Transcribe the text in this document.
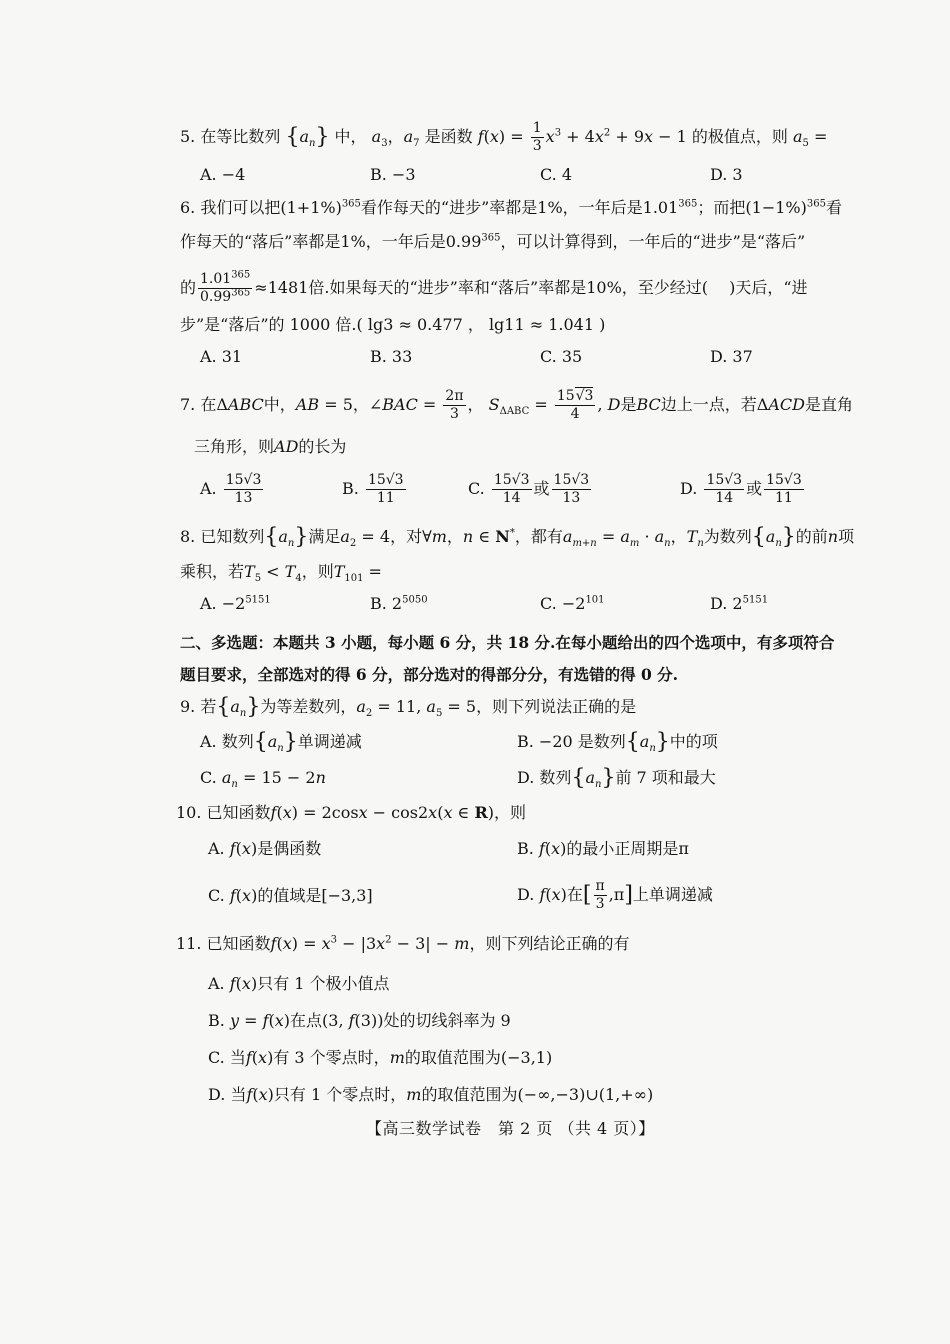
5. 在等比数列 $\{a_n\}$ 中， $a_3$，$a_7$ 是函数 $f(x) = \frac{1}{3} x^3 + 4x^2 + 9x - 1$ 的极值点，则 $a_5$ =
A. −4	B. −3	C. 4	D. 3
6. 我们可以把$(1+1\%)^{365}$看作每天的“进步”率都是1%，一年后是1.01$^{365}$；而把$(1-1\%)^{365}$看
作每天的“落后”率都是1%，一年后是0.99$^{365}$，可以计算得到，一年后的“进步”是“落后”
的 $\frac{1.01^{365}}{0.99^{365}} \approx 1481$倍.如果每天的“进步”率和“落后”率都是10%，至少经过(　 )天后，“进
步”是“落后”的 1000 倍.( lg3 ≈ 0.477 ， lg11 ≈ 1.041 )
A. 31	B. 33	C. 35	D. 37
7. 在ΔABC中，AB = 5，∠BAC = $\frac{2\pi}{3}$ ， $S_{\Delta ABC} = \frac{15√3}{4}$ , D是BC边上一点，若ΔACD是直角
三角形，则AD的长为
A. $\frac{15√3}{13}$	B. $\frac{15√3}{11}$	C. $\frac{15√3}{14}$ 或 $\frac{15√3}{13}$	D. $\frac{15√3}{14}$ 或 $\frac{15√3}{11}$
8. 已知数列$\{a_n\}$满足$a_2 = 4$，对∀m，n ∈ N*，都有$a_{m+n} = a_m \cdot a_n$，$T_n$为数列$\{a_n\}$的前n项
乘积，若$T_5 < T_4$，则$T_{101}$ =
A. $-2^{5151}$	B. $2^{5050}$	C. $-2^{101}$	D. $2^{5151}$
二、多选题：本题共 3 小题，每小题 6 分，共 18 分.在每小题给出的四个选项中，有多项符合
题目要求，全部选对的得 6 分，部分选对的得部分分，有选错的得 0 分.
9. 若$\{a_n\}$为等差数列，$a_2 = 11$, $a_5 = 5$，则下列说法正确的是
A. 数列$\{a_n\}$单调递减	B. −20 是数列$\{a_n\}$中的项
C. $a_n = 15 - 2n$	D. 数列$\{a_n\}$前 7 项和最大
10. 已知函数f(x) = 2cosx − cos2x(x ∈ R)，则
A. f(x)是偶函数	B. f(x)的最小正周期是π
C. f(x)的值域是[−3,3]	D. f(x)在[ $\frac{\pi}{3} ,\pi$]上单调递减
11. 已知函数$f(x) = x^3 - |3x^2 - 3| - m$，则下列结论正确的有
A. f(x)只有 1 个极小值点
B. y = f(x)在点(3, f(3))处的切线斜率为 9
C. 当f(x)有 3 个零点时，m的取值范围为(−3,1)
D. 当f(x)只有 1 个零点时，m的取值范围为(−∞,−3)∪(1,+∞)
【高三数学试卷　第 2 页 （共 4 页）】
